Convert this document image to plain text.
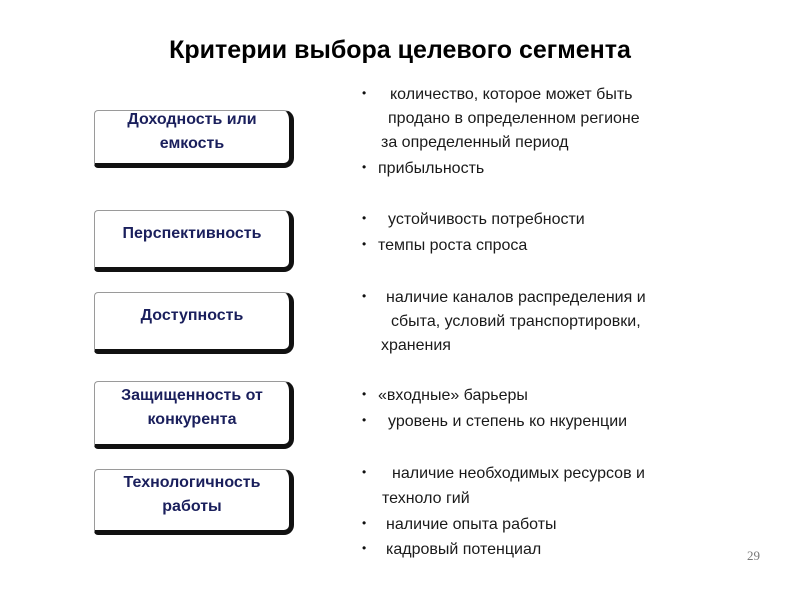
Критерии выбора целевого сегмента
Доходность или
емкость
• количество, которое может быть
продано в определенном регионе
за определенный период
• прибыльность
Перспективность
• устойчивость потребности
• темпы роста спроса
Доступность
• наличие каналов распределения и
сбыта, условий транспортировки,
хранения
Защищенность от
конкурента
• «входные» барьеры
• уровень и степень ко нкуренции
Технологичность
работы
• наличие необходимых ресурсов и
техноло гий
• наличие опыта работы
• кадровый потенциал	29
